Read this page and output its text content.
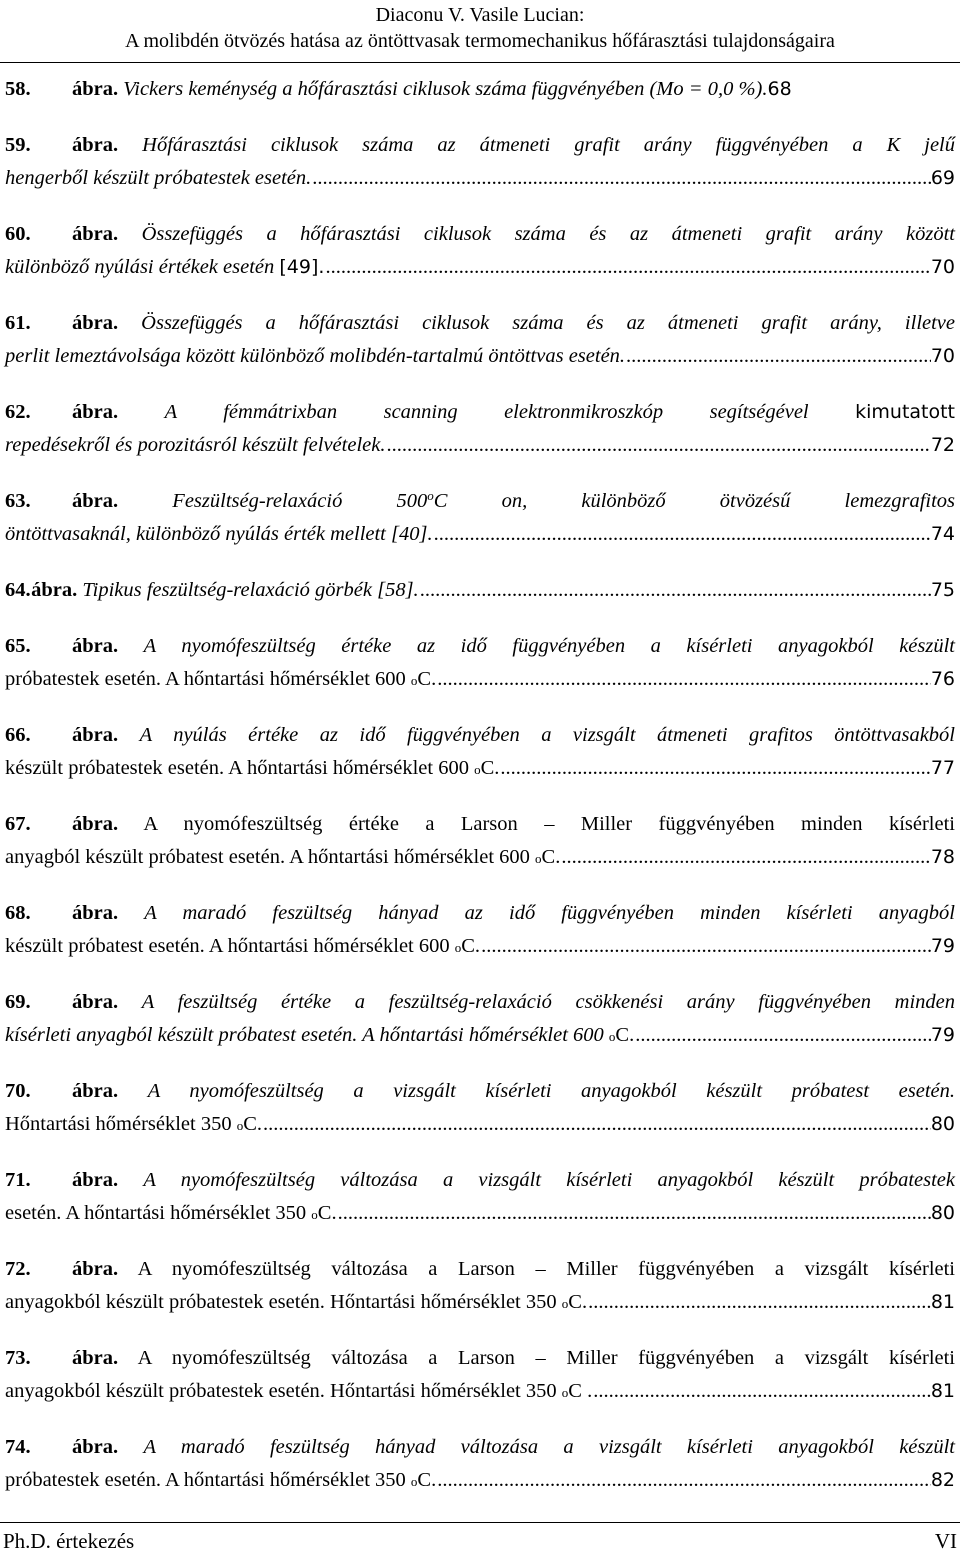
Diaconu V. Vasile Lucian:
A molibdén ötvözés hatása az öntöttvasak termomechanikus hőfárasztási tulajdonságaira
58.	ábra.
Vickers keménység a hőfárasztási ciklusok száma függvényében (Mo = 0,0 %). 68
59. ábra. Hőfárasztási ciklusok száma az átmeneti grafit arány függvényében a K jelű
hengerből készült próbatestek esetén. .....	69
60. ábra. Összefüggés a hőfárasztási ciklusok száma és az átmeneti grafit arány között
különböző nyúlási értékek esetén
[49]. .....	70
61. ábra. Összefüggés a hőfárasztási ciklusok száma és az átmeneti grafit arány, illetve
perlit lemeztávolsága között különböző molibdén-tartalmú öntöttvas esetén. .....	70
62. ábra. A fémmátrixban scanning elektronmikroszkóp segítségével kimutatott
repedésekről és porozitásról készült felvételek. .....	72
63. ábra.	Feszültség-relaxáció 500$^o$C on, különböző ötvözésű lemezgrafitos
öntöttvasaknál, különböző nyúlás érték mellett [40]. .....	74
64. ábra.
Tipikus feszültség-relaxáció görbék [58]. .....	75
65. ábra. A nyomófeszültség értéke az idő függvényében a kísérleti anyagokból készült
próbatestek esetén. A hőntartási hőmérséklet 600
o C. .....	76
66. ábra. A nyúlás értéke az idő függvényében a vizsgált átmeneti grafitos öntöttvasakból
készült próbatestek esetén. A hőntartási hőmérséklet 600
o C. .....	77
67. ábra. A nyomófeszültség értéke a Larson – Miller függvényében minden kísérleti
anyagból készült próbatest esetén. A hőntartási hőmérséklet 600
o C. .....	78
68. ábra. A maradó feszültség hányad az idő függvényében minden kísérleti anyagból
készült próbatest esetén. A hőntartási hőmérséklet 600
o C. .....	79
69. ábra. A feszültség értéke a feszültség-relaxáció csökkenési arány függvényében minden
kísérleti anyagból készült próbatest esetén. A hőntartási hőmérséklet 600
o C. .....	79
70. ábra. A nyomófeszültség a vizsgált kísérleti anyagokból készült próbatest esetén.
Hőntartási hőmérséklet 350
o C. .....	80
71. ábra. A nyomófeszültség változása a vizsgált kísérleti anyagokból készült próbatestek
esetén. A hőntartási hőmérséklet 350
o C. .....	80
72. ábra. A nyomófeszültség változása a Larson – Miller függvényében a vizsgált kísérleti
anyagokból készült próbatestek esetén. Hőntartási hőmérséklet 350
o C. .....	81
73. ábra. A nyomófeszültség változása a Larson – Miller függvényében a vizsgált kísérleti
anyagokból készült próbatestek esetén. Hőntartási hőmérséklet 350
o C . .....	81
74. ábra. A maradó feszültség hányad változása a vizsgált kísérleti anyagokból készült
próbatestek esetén. A hőntartási hőmérséklet 350
o C. .....	82
Ph.D. értekezés	VI
